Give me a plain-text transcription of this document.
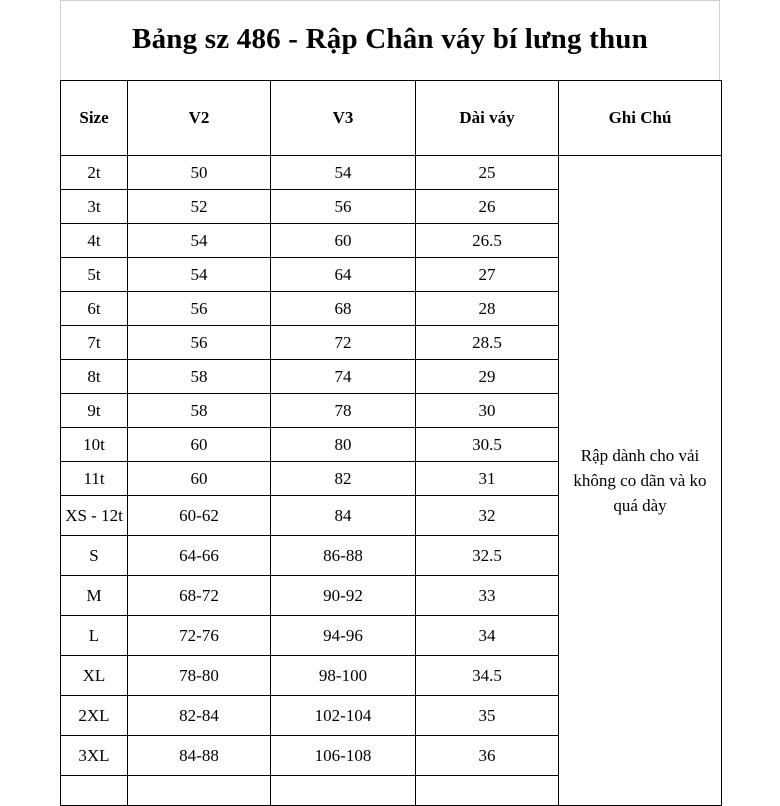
Bảng sz 486 - Rập Chân váy bí lưng thun
Size	V2	V3	Dài váy	Ghi Chú
2t	50	54	25	Rập dành cho vải
không co dãn và ko
quá dày

3t	52	56	26	
4t	54	60	26.5	
5t	54	64	27	
6t	56	68	28	
7t	56	72	28.5	
8t	58	74	29	
9t	58	78	30	
10t	60	80	30.5	
11t	60	82	31	
XS - 12t	60-62	84	32	
S	64-66	86-88	32.5	
M	68-72	90-92	33	
L	72-76	94-96	34	
XL	78-80	98-100	34.5	
2XL	82-84	102-104	35	
3XL	84-88	106-108	36	
